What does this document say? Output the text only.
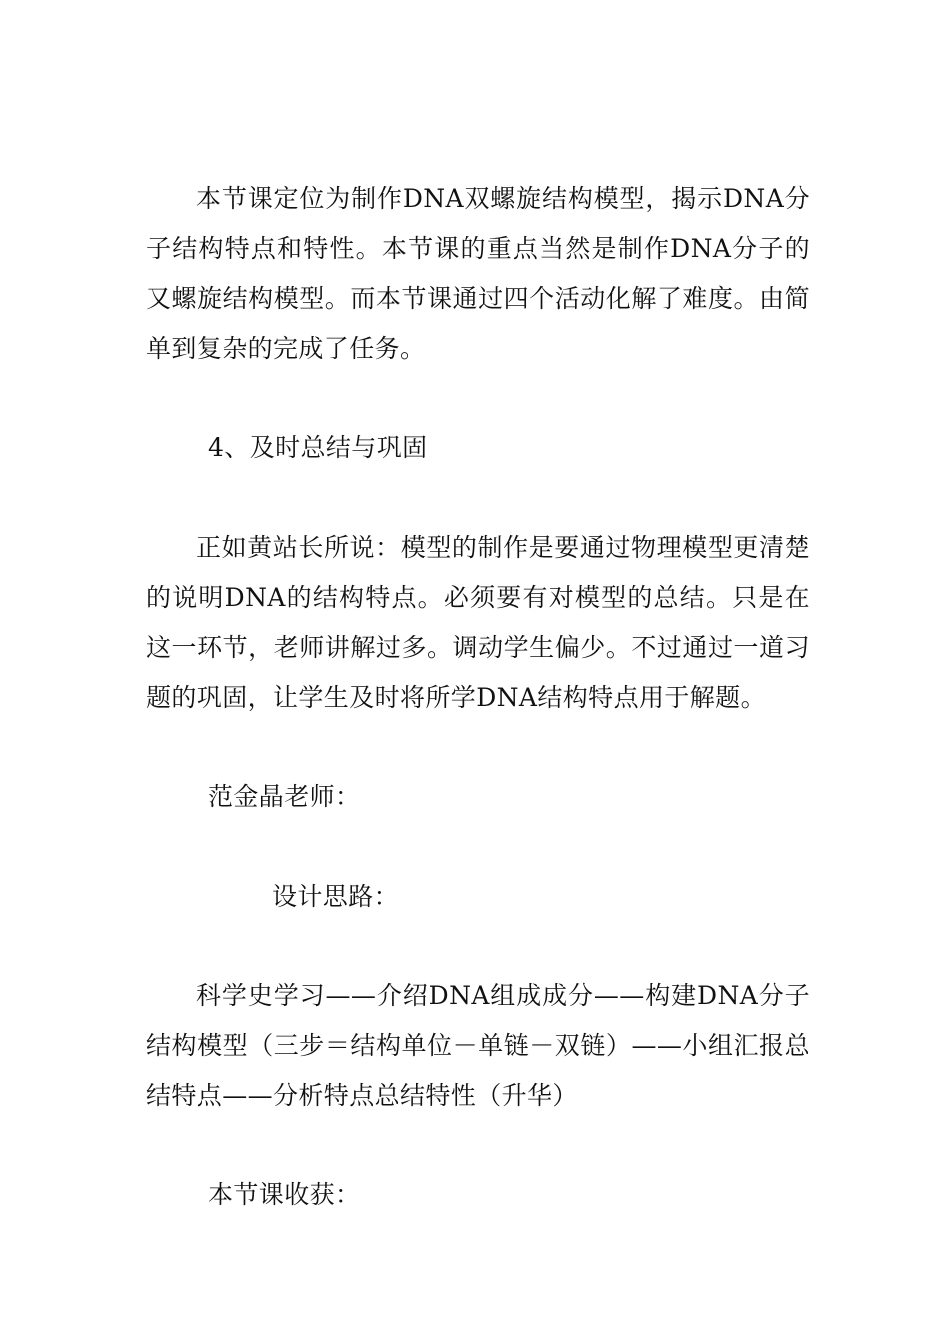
本节课定位为制作DNA双螺旋结构模型，揭示DNA分子结构特点和特性。本节课的重点当然是制作DNA分子的又螺旋结构模型。而本节课通过四个活动化解了难度。由简单到复杂的完成了任务。

4、及时总结与巩固

正如黄站长所说：模型的制作是要通过物理模型更清楚的说明DNA的结构特点。必须要有对模型的总结。只是在这一环节，老师讲解过多。调动学生偏少。不过通过一道习题的巩固，让学生及时将所学DNA结构特点用于解题。

范金晶老师：

设计思路：

科学史学习——介绍DNA组成成分——构建DNA分子结构模型（三步＝结构单位－单链－双链）——小组汇报总结特点——分析特点总结特性（升华）

本节课收获：
